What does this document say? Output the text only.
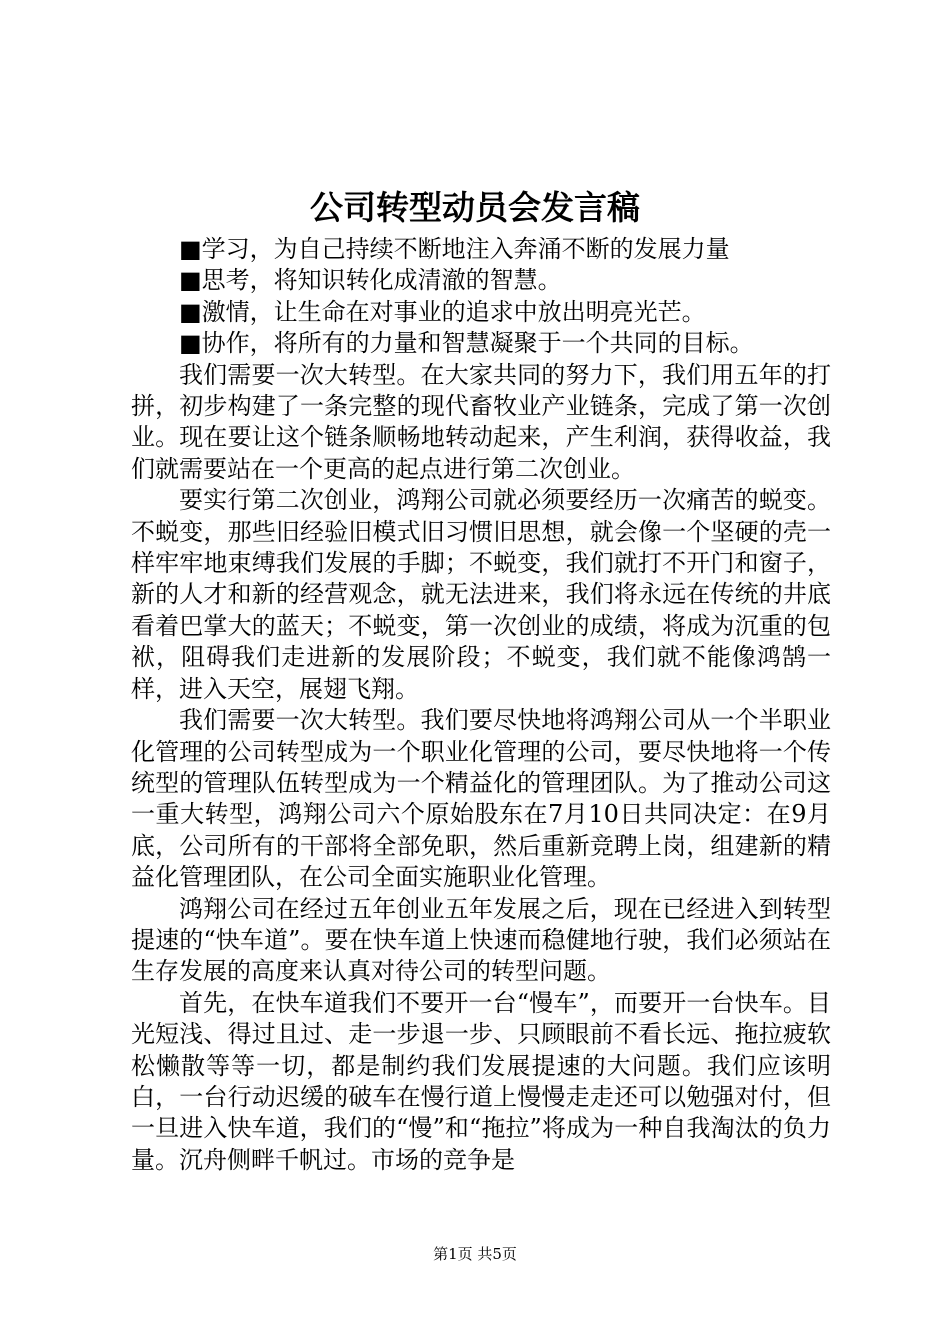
公司转型动员会发言稿

■学习，为自己持续不断地注入奔涌不断的发展力量

■思考，将知识转化成清澈的智慧。

■激情，让生命在对事业的追求中放出明亮光芒。

■协作，将所有的力量和智慧凝聚于一个共同的目标。

我们需要一次大转型。在大家共同的努力下，我们用五年的打拼，初步构建了一条完整的现代畜牧业产业链条，完成了第一次创业。现在要让这个链条顺畅地转动起来，产生利润，获得收益，我们就需要站在一个更高的起点进行第二次创业。

要实行第二次创业，鸿翔公司就必须要经历一次痛苦的蜕变。不蜕变，那些旧经验旧模式旧习惯旧思想，就会像一个坚硬的壳一样牢牢地束缚我们发展的手脚；不蜕变，我们就打不开门和窗子，新的人才和新的经营观念，就无法进来，我们将永远在传统的井底看着巴掌大的蓝天；不蜕变，第一次创业的成绩，将成为沉重的包袱，阻碍我们走进新的发展阶段；不蜕变，我们就不能像鸿鹄一样，进入天空，展翅飞翔。

我们需要一次大转型。我们要尽快地将鸿翔公司从一个半职业化管理的公司转型成为一个职业化管理的公司，要尽快地将一个传统型的管理队伍转型成为一个精益化的管理团队。为了推动公司这一重大转型，鸿翔公司六个原始股东在7月10日共同决定：在9月底，公司所有的干部将全部免职，然后重新竞聘上岗，组建新的精益化管理团队，在公司全面实施职业化管理。

鸿翔公司在经过五年创业五年发展之后，现在已经进入到转型提速的“快车道”。要在快车道上快速而稳健地行驶，我们必须站在生存发展的高度来认真对待公司的转型问题。

首先，在快车道我们不要开一台“慢车”，而要开一台快车。目光短浅、得过且过、走一步退一步、只顾眼前不看长远、拖拉疲软松懒散等等一切，都是制约我们发展提速的大问题。我们应该明白，一台行动迟缓的破车在慢行道上慢慢走走还可以勉强对付，但一旦进入快车道，我们的“慢”和“拖拉”将成为一种自我淘汰的负力量。沉舟侧畔千帆过。市场的竞争是

第1页 共5页
